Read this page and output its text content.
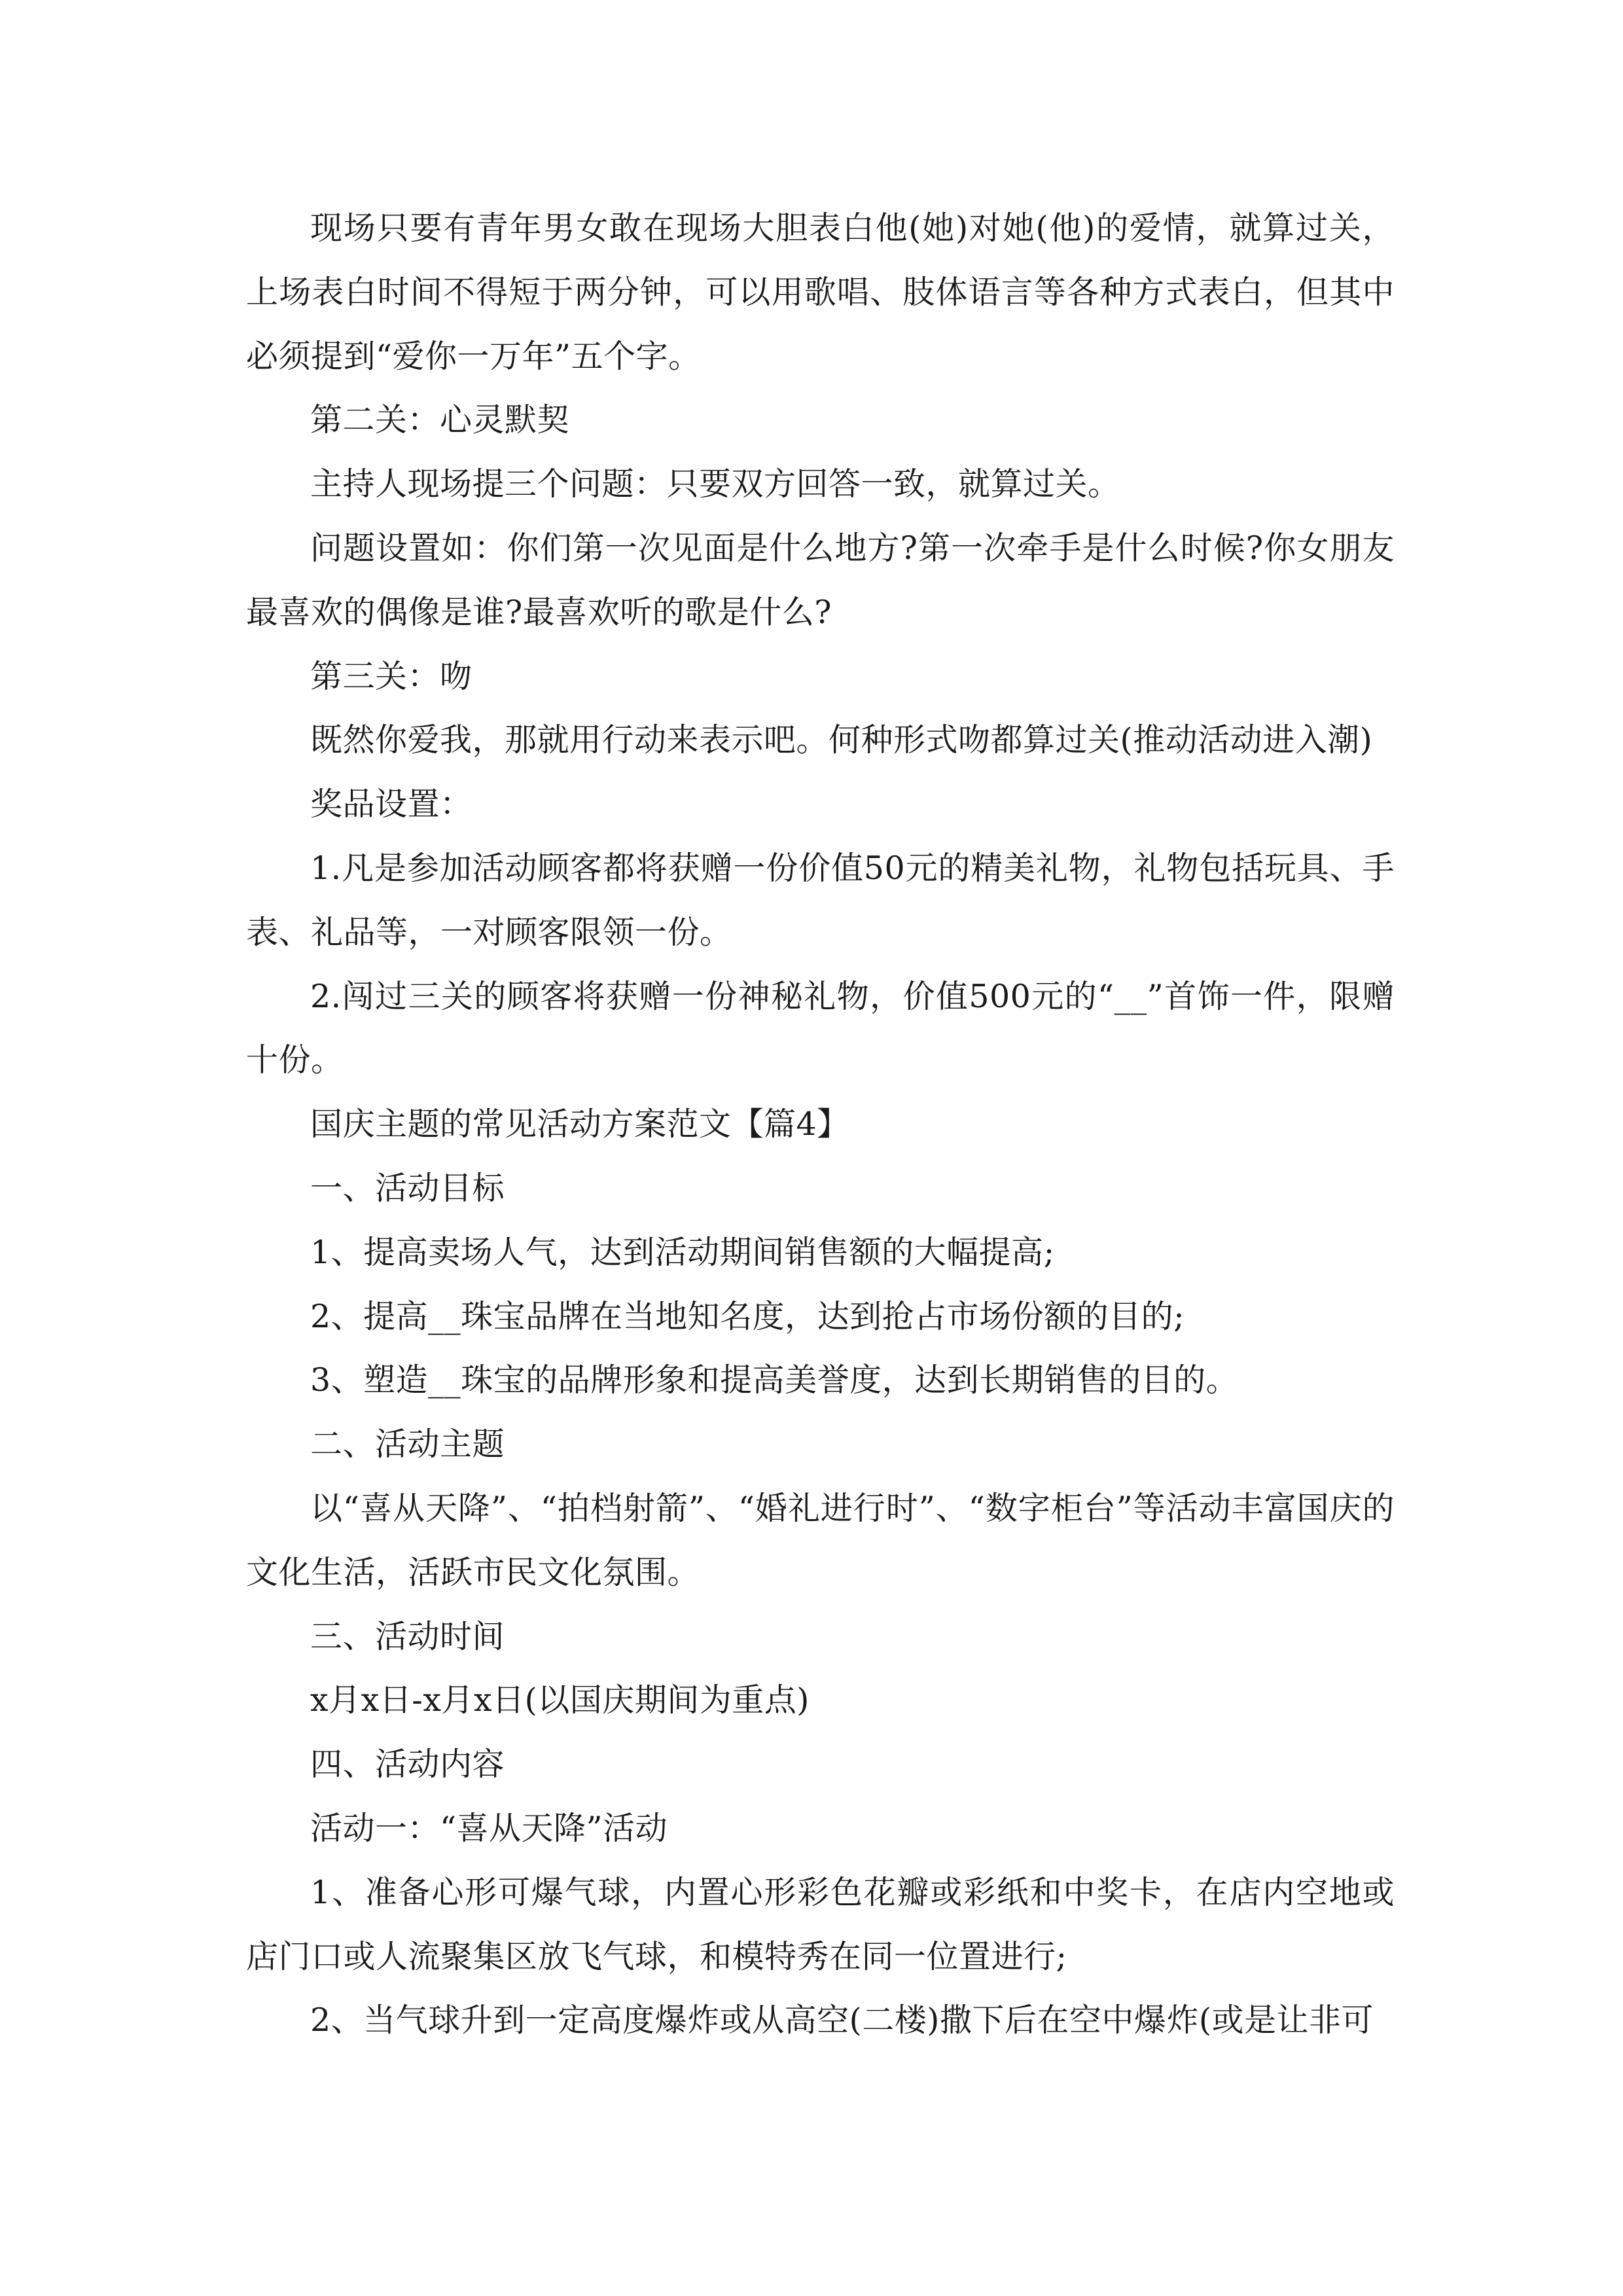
现场只要有青年男女敢在现场大胆表白他(她)对她(他)的爱情，就算过关，上场表白时间不得短于两分钟，可以用歌唱、肢体语言等各种方式表白，但其中必须提到“爱你一万年”五个字。

第二关：心灵默契

主持人现场提三个问题：只要双方回答一致，就算过关。

问题设置如：你们第一次见面是什么地方?第一次牵手是什么时候?你女朋友最喜欢的偶像是谁?最喜欢听的歌是什么?

第三关：吻

既然你爱我，那就用行动来表示吧。何种形式吻都算过关(推动活动进入潮)

奖品设置：

1.凡是参加活动顾客都将获赠一份价值50元的精美礼物，礼物包括玩具、手表、礼品等，一对顾客限领一份。

2.闯过三关的顾客将获赠一份神秘礼物，价值500元的“__”首饰一件，限赠十份。

国庆主题的常见活动方案范文【篇4】

一、活动目标

1、提高卖场人气，达到活动期间销售额的大幅提高;

2、提高__珠宝品牌在当地知名度，达到抢占市场份额的目的;

3、塑造__珠宝的品牌形象和提高美誉度，达到长期销售的目的。

二、活动主题

以“喜从天降”、“拍档射箭”、“婚礼进行时”、“数字柜台”等活动丰富国庆的文化生活，活跃市民文化氛围。

三、活动时间

x月x日-x月x日(以国庆期间为重点)

四、活动内容

活动一：“喜从天降”活动

1、准备心形可爆气球，内置心形彩色花瓣或彩纸和中奖卡，在店内空地或店门口或人流聚集区放飞气球，和模特秀在同一位置进行;

2、当气球升到一定高度爆炸或从高空(二楼)撒下后在空中爆炸(或是让非可
